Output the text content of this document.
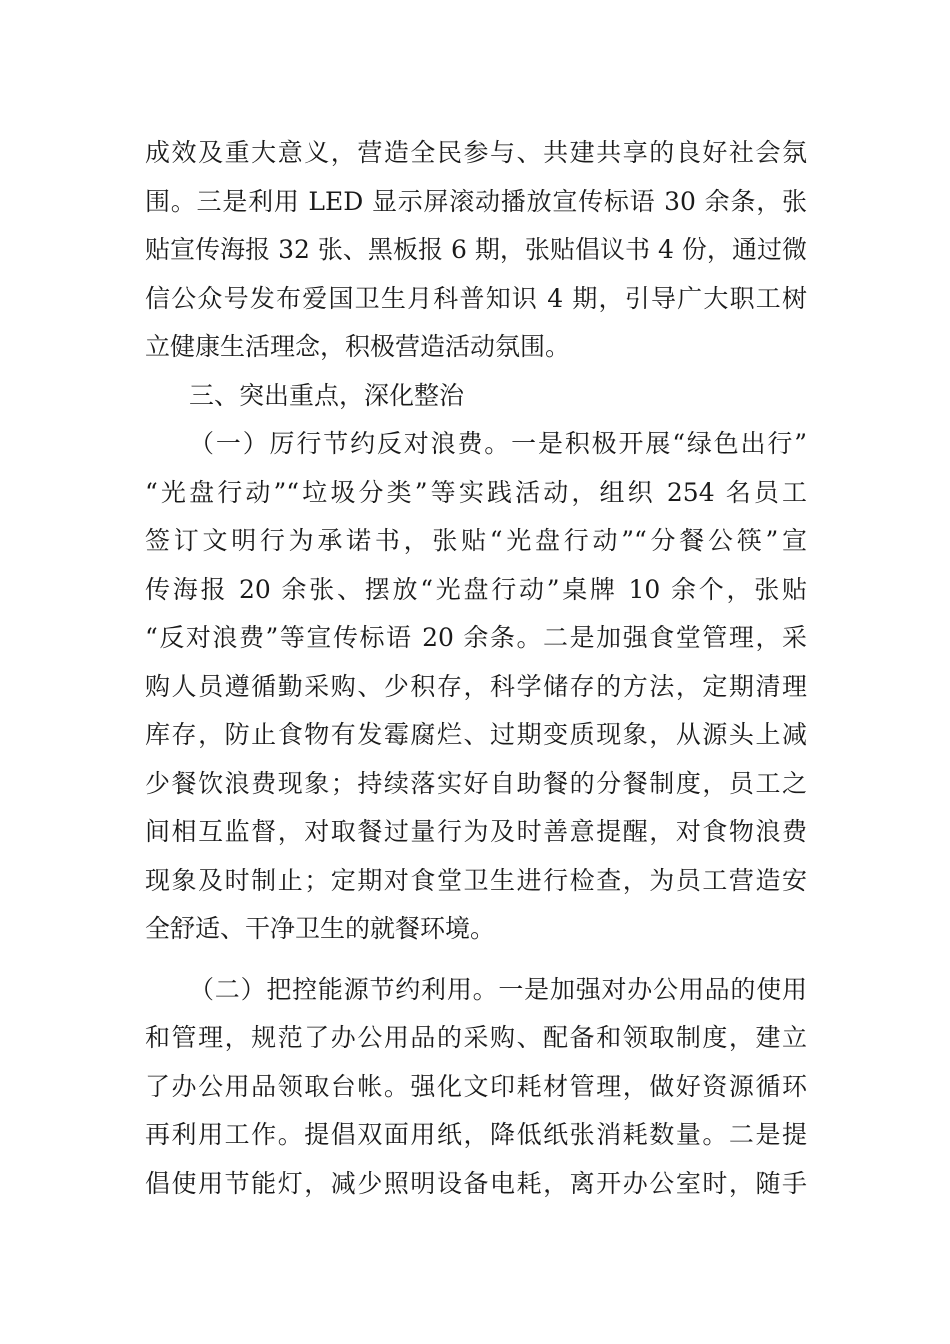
成效及重大意义，营造全民参与、共建共享的良好社会氛
围。三是利用 LED 显示屏滚动播放宣传标语 30 余条，张
贴宣传海报 32 张、黑板报 6 期，张贴倡议书 4 份，通过微
信公众号发布爱国卫生月科普知识 4 期，引导广大职工树
立健康生活理念，积极营造活动氛围。
三、突出重点，深化整治
（一）厉行节约反对浪费。一是积极开展“绿色出行”
“光盘行动”“垃圾分类”等实践活动，组织 254 名员工
签订文明行为承诺书，张贴“光盘行动”“分餐公筷”宣
传海报 20 余张、摆放“光盘行动”桌牌 10 余个，张贴
“反对浪费”等宣传标语 20 余条。二是加强食堂管理，采
购人员遵循勤采购、少积存，科学储存的方法，定期清理
库存，防止食物有发霉腐烂、过期变质现象，从源头上减
少餐饮浪费现象；持续落实好自助餐的分餐制度，员工之
间相互监督，对取餐过量行为及时善意提醒，对食物浪费
现象及时制止；定期对食堂卫生进行检查，为员工营造安
全舒适、干净卫生的就餐环境。
（二）把控能源节约利用。一是加强对办公用品的使用
和管理，规范了办公用品的采购、配备和领取制度，建立
了办公用品领取台帐。强化文印耗材管理，做好资源循环
再利用工作。提倡双面用纸，降低纸张消耗数量。二是提
倡使用节能灯，减少照明设备电耗，离开办公室时，随手
